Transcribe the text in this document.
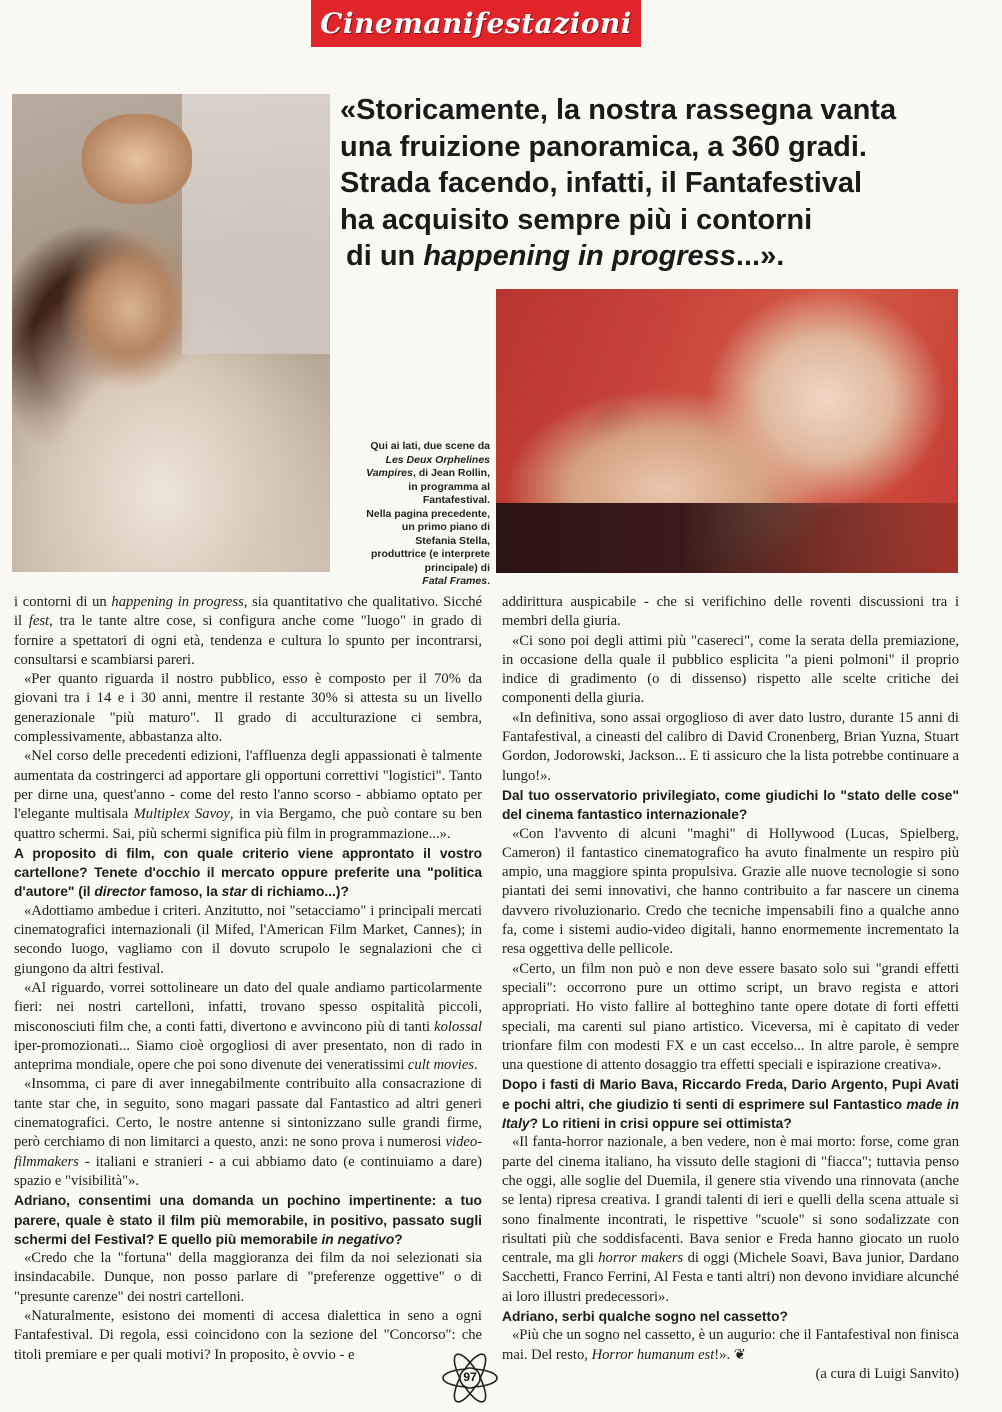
Cinemanifestazioni
«Storicamente, la nostra rassegna vanta
una fruizione panoramica, a 360 gradi.
Strada facendo, infatti, il Fantafestival
ha acquisito sempre più i contorni
di un happening in progress...».
Qui ai lati, due scene da
Les Deux Orphelines
Vampires, di Jean Rollin,
in programma al
Fantafestival.
Nella pagina precedente,
un primo piano di
Stefania Stella,
produttrice (e interprete
principale) di
Fatal Frames.

i contorni di un happening in progress, sia quantitativo che qualitativo. Sicché il fest, tra le tante altre cose, si configura anche come "luogo" in grado di fornire a spettatori di ogni età, tendenza e cultura lo spunto per incontrarsi, consultarsi e scambiarsi pareri.

«Per quanto riguarda il nostro pubblico, esso è composto per il 70% da giovani tra i 14 e i 30 anni, mentre il restante 30% si attesta su un livello generazionale "più maturo". Il grado di acculturazione ci sembra, complessivamente, abbastanza alto.

«Nel corso delle precedenti edizioni, l'affluenza degli appassionati è talmente aumentata da costringerci ad apportare gli opportuni correttivi "logistici". Tanto per dirne una, quest'anno - come del resto l'anno scorso - abbiamo optato per l'elegante multisala Multiplex Savoy, in via Bergamo, che può contare su ben quattro schermi. Sai, più schermi significa più film in programmazione...».

A proposito di film, con quale criterio viene approntato il vostro cartellone? Tenete d'occhio il mercato oppure preferite una "politica d'autore" (il director famoso, la star di richiamo...)?

«Adottiamo ambedue i criteri. Anzitutto, noi "setacciamo" i principali mercati cinematografici internazionali (il Mifed, l'American Film Market, Cannes); in secondo luogo, vagliamo con il dovuto scrupolo le segnalazioni che ci giungono da altri festival.

«Al riguardo, vorrei sottolineare un dato del quale andiamo particolarmente fieri: nei nostri cartelloni, infatti, trovano spesso ospitalità piccoli, misconosciuti film che, a conti fatti, divertono e avvincono più di tanti kolossal iper-promozionati... Siamo cioè orgogliosi di aver presentato, non di rado in anteprima mondiale, opere che poi sono divenute dei veneratissimi cult movies.

«Insomma, ci pare di aver innegabilmente contribuito alla consacrazione di tante star che, in seguito, sono magari passate dal Fantastico ad altri generi cinematografici. Certo, le nostre antenne si sintonizzano sulle grandi firme, però cerchiamo di non limitarci a questo, anzi: ne sono prova i numerosi video-filmmakers - italiani e stranieri - a cui abbiamo dato (e continuiamo a dare) spazio e "visibilità"».

Adriano, consentimi una domanda un pochino impertinente: a tuo parere, quale è stato il film più memorabile, in positivo, passato sugli schermi del Festival? E quello più memorabile in negativo?

«Credo che la "fortuna" della maggioranza dei film da noi selezionati sia insindacabile. Dunque, non posso parlare di "preferenze oggettive" o di "presunte carenze" dei nostri cartelloni.

«Naturalmente, esistono dei momenti di accesa dialettica in seno a ogni Fantafestival. Di regola, essi coincidono con la sezione del "Concorso": che titoli premiare e per quali motivi? In proposito, è ovvio - e

addirittura auspicabile - che si verifichino delle roventi discussioni tra i membri della giuria.

«Ci sono poi degli attimi più "casereci", come la serata della premiazione, in occasione della quale il pubblico esplicita "a pieni polmoni" il proprio indice di gradimento (o di dissenso) rispetto alle scelte critiche dei componenti della giuria.

«In definitiva, sono assai orgoglioso di aver dato lustro, durante 15 anni di Fantafestival, a cineasti del calibro di David Cronenberg, Brian Yuzna, Stuart Gordon, Jodorowski, Jackson... E ti assicuro che la lista potrebbe continuare a lungo!».

Dal tuo osservatorio privilegiato, come giudichi lo "stato delle cose" del cinema fantastico internazionale?

«Con l'avvento di alcuni "maghi" di Hollywood (Lucas, Spielberg, Cameron) il fantastico cinematografico ha avuto finalmente un respiro più ampio, una maggiore spinta propulsiva. Grazie alle nuove tecnologie si sono piantati dei semi innovativi, che hanno contribuito a far nascere un cinema davvero rivoluzionario. Credo che tecniche impensabili fino a qualche anno fa, come i sistemi audio-video digitali, hanno enormemente incrementato la resa oggettiva delle pellicole.

«Certo, un film non può e non deve essere basato solo sui "grandi effetti speciali": occorrono pure un ottimo script, un bravo regista e attori appropriati. Ho visto fallire al botteghino tante opere dotate di forti effetti speciali, ma carenti sul piano artistico. Viceversa, mi è capitato di veder trionfare film con modesti FX e un cast eccelso... In altre parole, è sempre una questione di attento dosaggio tra effetti speciali e ispirazione creativa».

Dopo i fasti di Mario Bava, Riccardo Freda, Dario Argento, Pupi Avati e pochi altri, che giudizio ti senti di esprimere sul Fantastico made in Italy? Lo ritieni in crisi oppure sei ottimista?

«Il fanta-horror nazionale, a ben vedere, non è mai morto: forse, come gran parte del cinema italiano, ha vissuto delle stagioni di "fiacca"; tuttavia penso che oggi, alle soglie del Duemila, il genere stia vivendo una rinnovata (anche se lenta) ripresa creativa. I grandi talenti di ieri e quelli della scena attuale si sono finalmente incontrati, le rispettive "scuole" si sono sodalizzate con risultati più che soddisfacenti. Bava senior e Freda hanno giocato un ruolo centrale, ma gli horror makers di oggi (Michele Soavi, Bava junior, Dardano Sacchetti, Franco Ferrini, Al Festa e tanti altri) non devono invidiare alcunché ai loro illustri predecessori».

Adriano, serbi qualche sogno nel cassetto?

«Più che un sogno nel cassetto, è un augurio: che il Fantafestival non finisca mai. Del resto, Horror humanum est!». ❦

(a cura di Luigi Sanvito)

97
